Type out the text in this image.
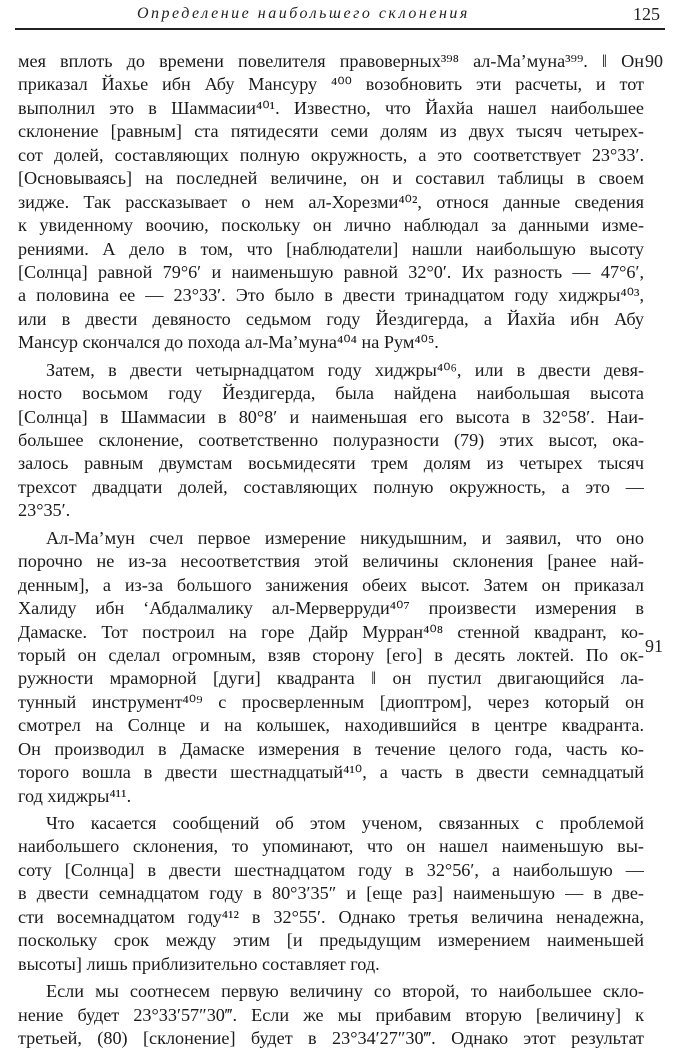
Определение наибольшего склонения	125
90
91
мея вплоть до времени повелителя правоверных³⁹⁸ ал-Ма’муна³⁹⁹. ‖ Он
приказал Йахье ибн Абу Мансуру ⁴⁰⁰ возобновить эти расчеты, и тот
выполнил это в Шаммасии⁴⁰¹. Известно, что Йахйа нашел наибольшее
склонение [равным] ста пятидесяти семи долям из двух тысяч четырех-
сот долей, составляющих полную окружность, а это соответствует 23°33′.
[Основываясь] на последней величине, он и составил таблицы в своем
зидже. Так рассказывает о нем ал-Хорезми⁴⁰², относя данные сведения
к увиденному воочию, поскольку он лично наблюдал за данными изме-
рениями. А дело в том, что [наблюдатели] нашли наибольшую высоту
[Солнца] равной 79°6′ и наименьшую равной 32°0′. Их разность — 47°6′,
а половина ее — 23°33′. Это было в двести тринадцатом году хиджры⁴⁰³,
или в двести девяносто седьмом году Йездигерда, а Йахйа ибн Абу
Мансур скончался до похода ал-Ма’муна⁴⁰⁴ на Рум⁴⁰⁵.
Затем, в двести четырнадцатом году хиджры⁴⁰⁶, или в двести девя-
носто восьмом году Йездигерда, была найдена наибольшая высота
[Солнца] в Шаммасии в 80°8′ и наименьшая его высота в 32°58′. Наи-
большее склонение, соответственно полуразности (79) этих высот, ока-
залось равным двумстам восьмидесяти трем долям из четырех тысяч
трехсот двадцати долей, составляющих полную окружность, а это —
23°35′.
Ал-Ма’мун счел первое измерение никудышним, и заявил, что оно
порочно не из-за несоответствия этой величины склонения [ранее най-
денным], а из-за большого занижения обеих высот. Затем он приказал
Халиду ибн ‘Абдалмалику ал-Мерверруди⁴⁰⁷ произвести измерения в
Дамаске. Тот построил на горе Дайр Мурран⁴⁰⁸ стенной квадрант, ко-
торый он сделал огромным, взяв сторону [его] в десять локтей. По ок-
ружности мраморной [дуги] квадранта ‖ он пустил двигающийся ла-
тунный инструмент⁴⁰⁹ с просверленным [диоптром], через который он
смотрел на Солнце и на колышек, находившийся в центре квадранта.
Он производил в Дамаске измерения в течение целого года, часть ко-
торого вошла в двести шестнадцатый⁴¹⁰, а часть в двести семнадцатый
год хиджры⁴¹¹.
Что касается сообщений об этом ученом, связанных с проблемой
наибольшего склонения, то упоминают, что он нашел наименьшую вы-
соту [Солнца] в двести шестнадцатом году в 32°56′, а наибольшую —
в двести семнадцатом году в 80°3′35″ и [еще раз] наименьшую — в две-
сти восемнадцатом году⁴¹² в 32°55′. Однако третья величина ненадежна,
поскольку срок между этим [и предыдущим измерением наименьшей
высоты] лишь приблизительно составляет год.
Если мы соотнесем первую величину со второй, то наибольшее скло-
нение будет 23°33′57″30‴. Если же мы прибавим вторую [величину] к
третьей, (80) [склонение] будет в 23°34′27″30‴. Однако этот результат
